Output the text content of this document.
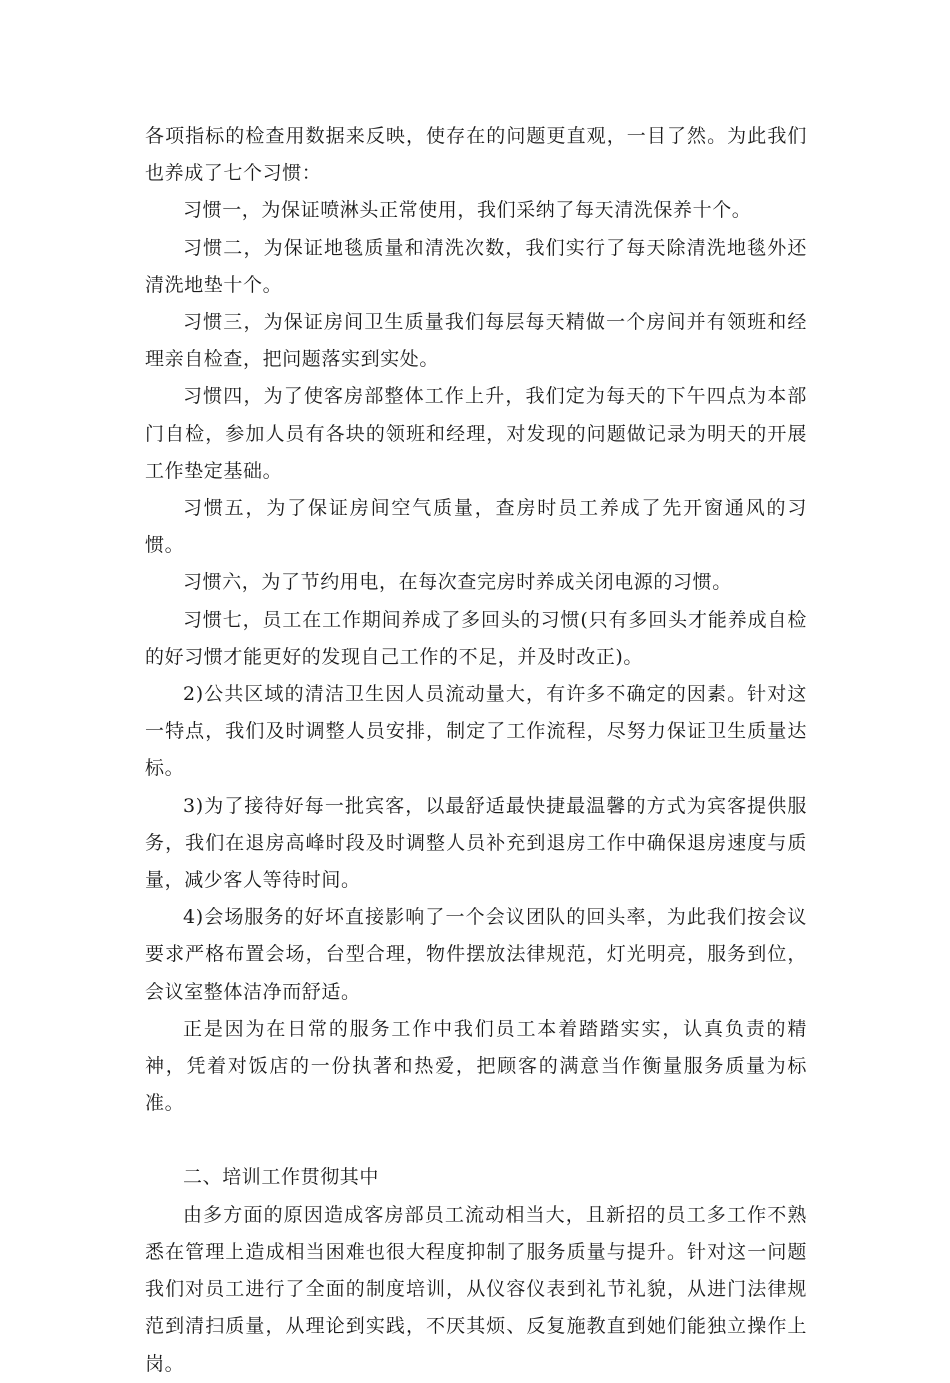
各项指标的检查用数据来反映，使存在的问题更直观，一目了然。为此我们也养成了七个习惯：

习惯一，为保证喷淋头正常使用，我们采纳了每天清洗保养十个。

习惯二，为保证地毯质量和清洗次数，我们实行了每天除清洗地毯外还清洗地垫十个。

习惯三，为保证房间卫生质量我们每层每天精做一个房间并有领班和经理亲自检查，把问题落实到实处。

习惯四，为了使客房部整体工作上升，我们定为每天的下午四点为本部门自检，参加人员有各块的领班和经理，对发现的问题做记录为明天的开展工作垫定基础。

习惯五，为了保证房间空气质量，查房时员工养成了先开窗通风的习惯。

习惯六，为了节约用电，在每次查完房时养成关闭电源的习惯。

习惯七，员工在工作期间养成了多回头的习惯(只有多回头才能养成自检的好习惯才能更好的发现自己工作的不足，并及时改正)。

2)公共区域的清洁卫生因人员流动量大，有许多不确定的因素。针对这一特点，我们及时调整人员安排，制定了工作流程，尽努力保证卫生质量达标。

3)为了接待好每一批宾客，以最舒适最快捷最温馨的方式为宾客提供服务，我们在退房高峰时段及时调整人员补充到退房工作中确保退房速度与质量，减少客人等待时间。

4)会场服务的好坏直接影响了一个会议团队的回头率，为此我们按会议要求严格布置会场，台型合理，物件摆放法律规范，灯光明亮，服务到位，会议室整体洁净而舒适。

正是因为在日常的服务工作中我们员工本着踏踏实实，认真负责的精神，凭着对饭店的一份执著和热爱，把顾客的满意当作衡量服务质量为标准。

二、培训工作贯彻其中

由多方面的原因造成客房部员工流动相当大，且新招的员工多工作不熟悉在管理上造成相当困难也很大程度抑制了服务质量与提升。针对这一问题我们对员工进行了全面的制度培训，从仪容仪表到礼节礼貌，从进门法律规范到清扫质量，从理论到实践，不厌其烦、反复施教直到她们能独立操作上岗。
